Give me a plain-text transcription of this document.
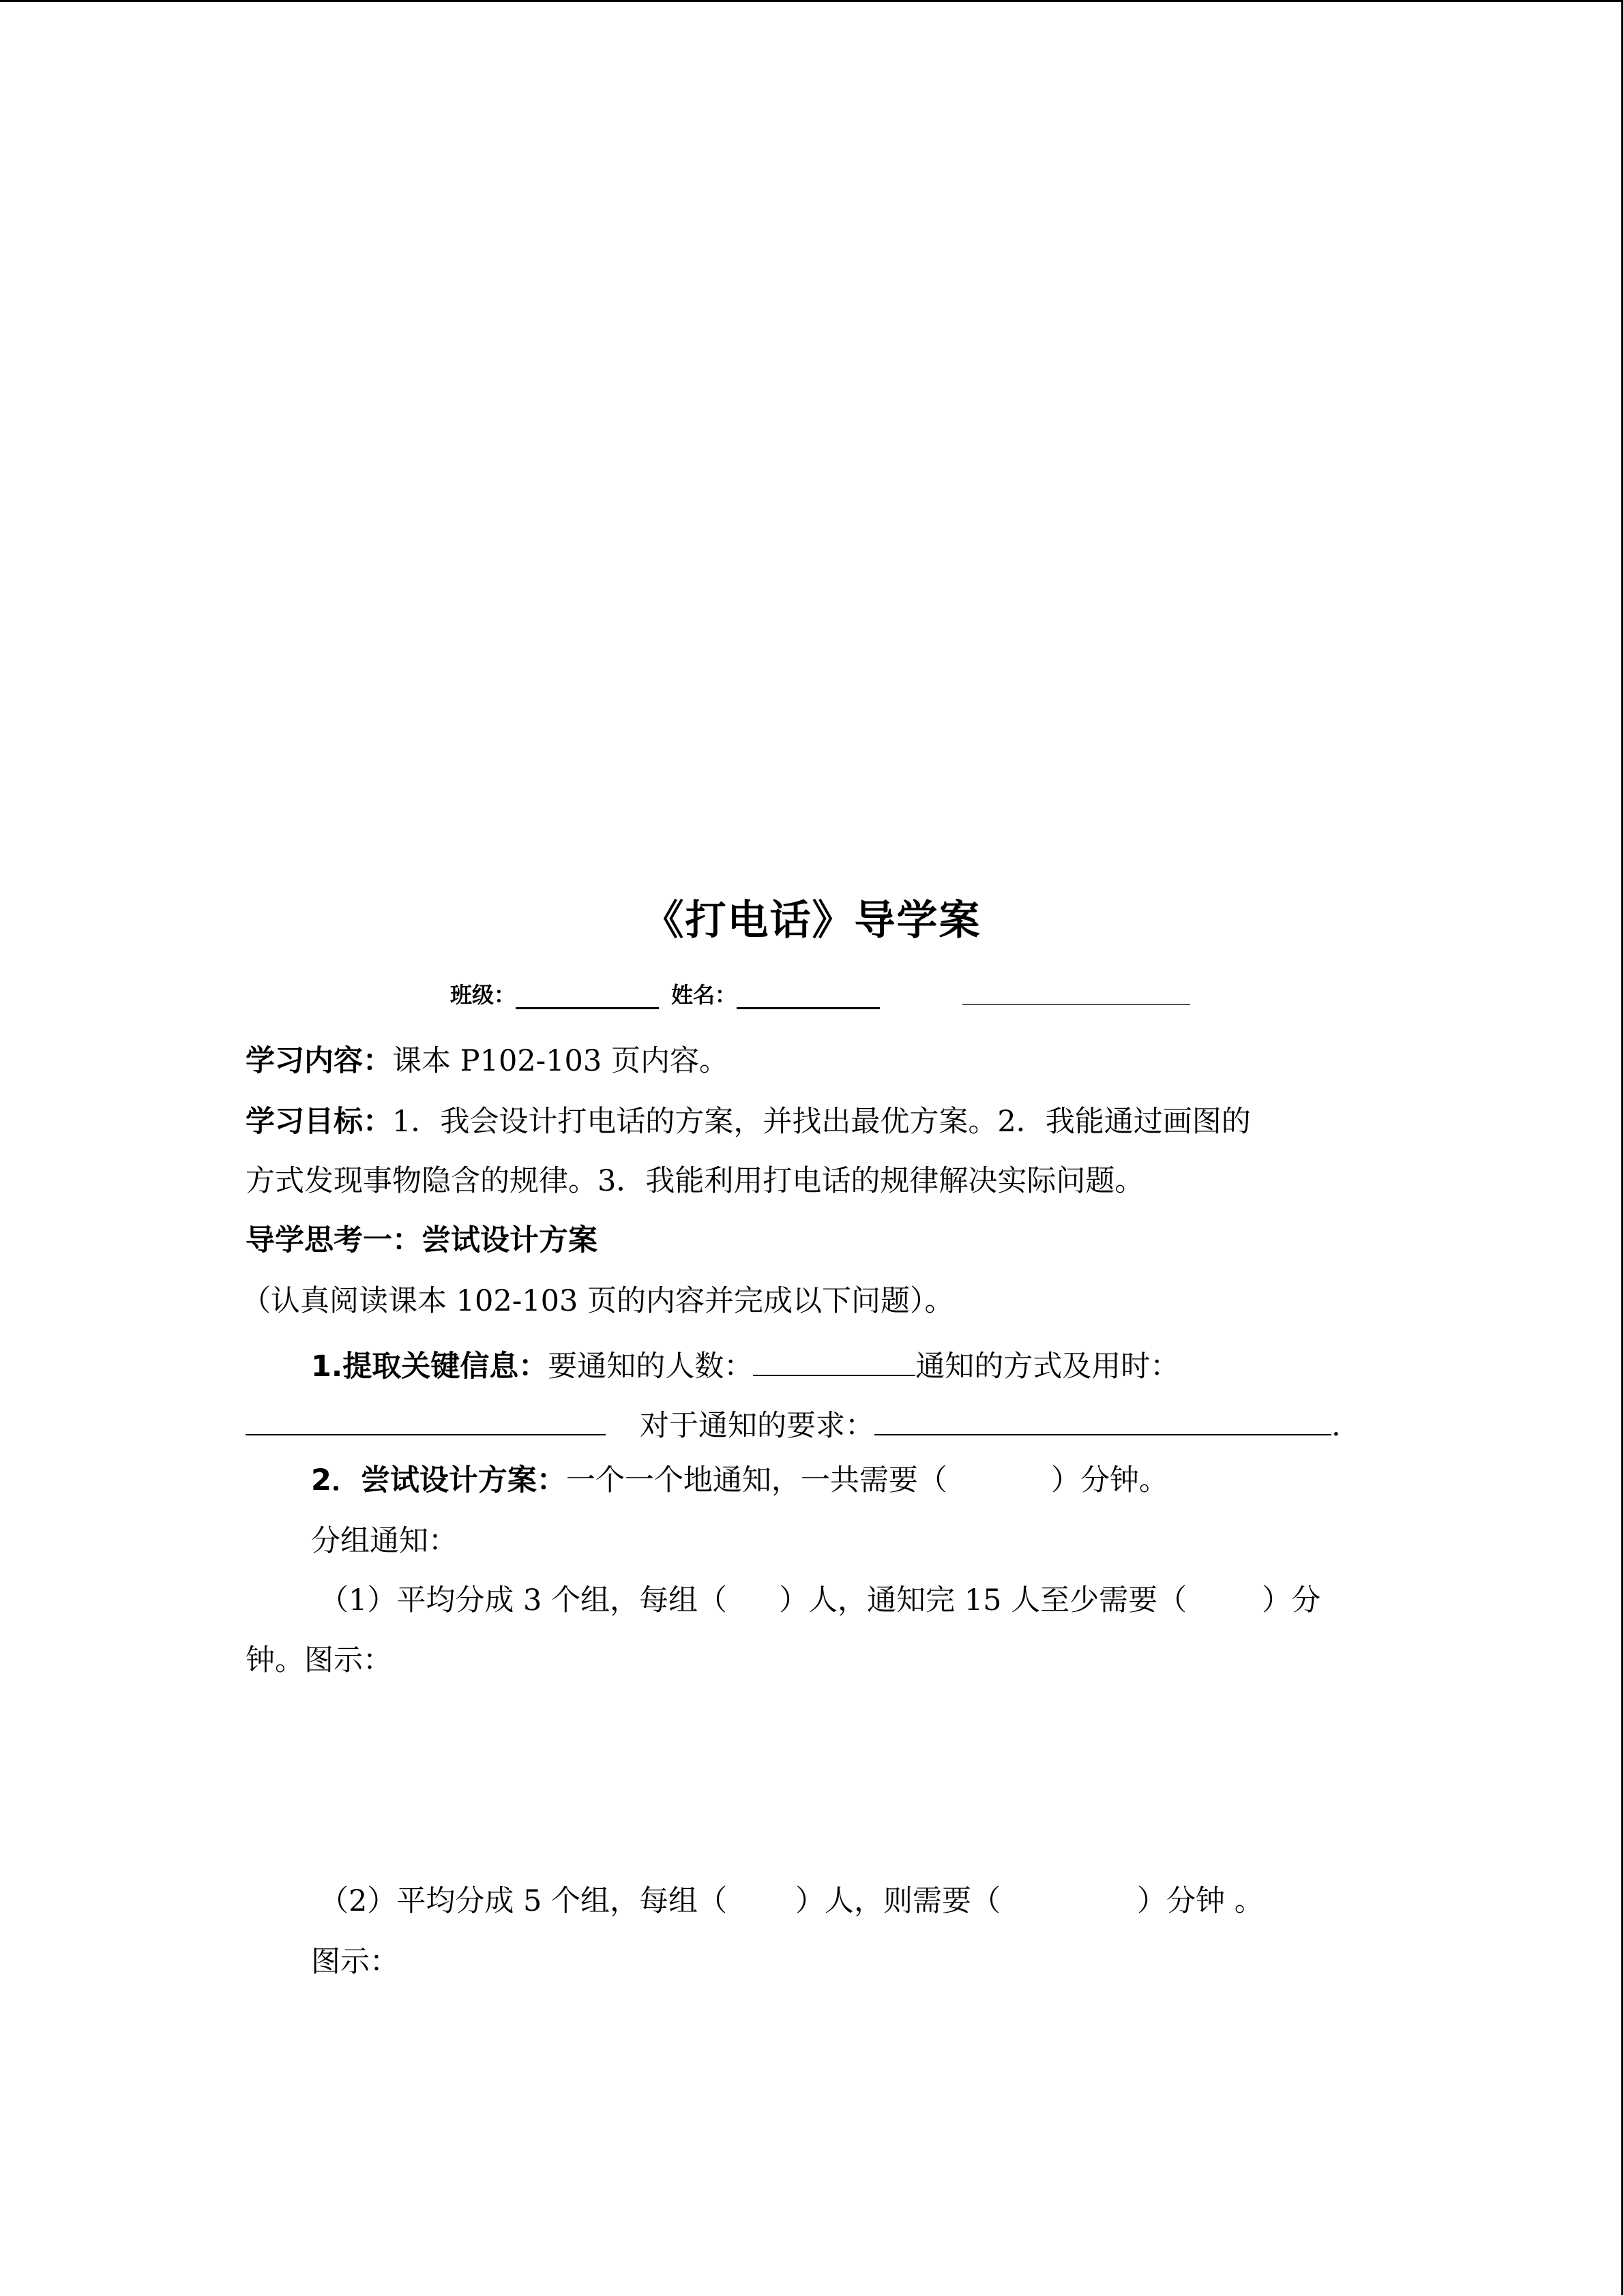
《打电话》导学案
班级：	姓名：
学习内容：课本 P102-103 页内容。
学习目标：1．我会设计打电话的方案，并找出最优方案。2．我能通过画图的
方式发现事物隐含的规律。3．我能利用打电话的规律解决实际问题。
导学思考一：尝试设计方案
（认真阅读课本 102-103 页的内容并完成以下问题）。
1.提取关键信息：要通知的人数：	通知的方式及用时：
对于通知的要求：	.
2．尝试设计方案：一个一个地通知，一共需要（	）分钟。
分组通知：
（1）平均分成 3 个组，每组（ ）人，通知完 15 人至少需要（	）分
钟。图示：
（2）平均分成 5 个组，每组（ ）人，则需要（	）分钟 。
图示：
